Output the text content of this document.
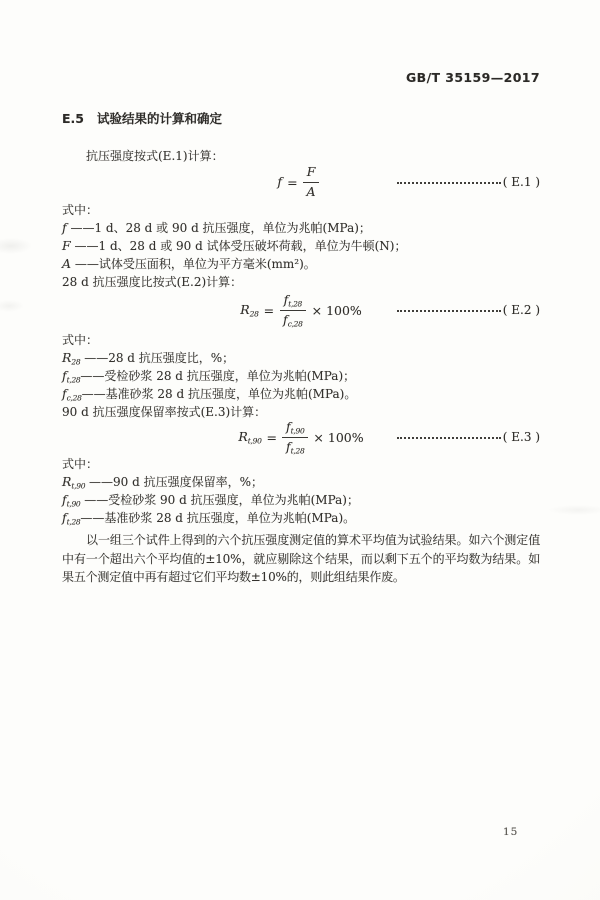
GB/T 35159—2017
E.5 试验结果的计算和确定
抗压强度按式(E.1)计算：
$f = \frac{F}{A}$	( E.1 )
式中：
f ——1 d、28 d 或 90 d 抗压强度，单位为兆帕(MPa)；
F ——1 d、28 d 或 90 d 试体受压破坏荷载，单位为牛顿(N)；
A ——试体受压面积，单位为平方毫米(mm²)。
28 d 抗压强度比按式(E.2)计算：
$R_{28} = \frac{f_{t,28}}{f_{c,28}} \times 100\%$	( E.2 )
式中：
$R_{28}$ ——28 d 抗压强度比，%；
$f_{t,28}——$受检砂浆 28 d 抗压强度，单位为兆帕(MPa)；
$f_{c,28}——$基准砂浆 28 d 抗压强度，单位为兆帕(MPa)。
90 d 抗压强度保留率按式(E.3)计算：
$R_{t,90} = \frac{f_{t,90}}{f_{t,28}} \times 100\%$	( E.3 )
式中：
$R_{t,90}$ ——90 d 抗压强度保留率，%；
$f_{t,90}$ ——受检砂浆 90 d 抗压强度，单位为兆帕(MPa)；
$f_{t,28}——$基准砂浆 28 d 抗压强度，单位为兆帕(MPa)。
以一组三个试件上得到的六个抗压强度测定值的算术平均值为试验结果。如六个测定值中有一个超出六个平均值的±10%，就应剔除这个结果，而以剩下五个的平均数为结果。如果五个测定值中再有超过它们平均数±10%的，则此组结果作废。
15
